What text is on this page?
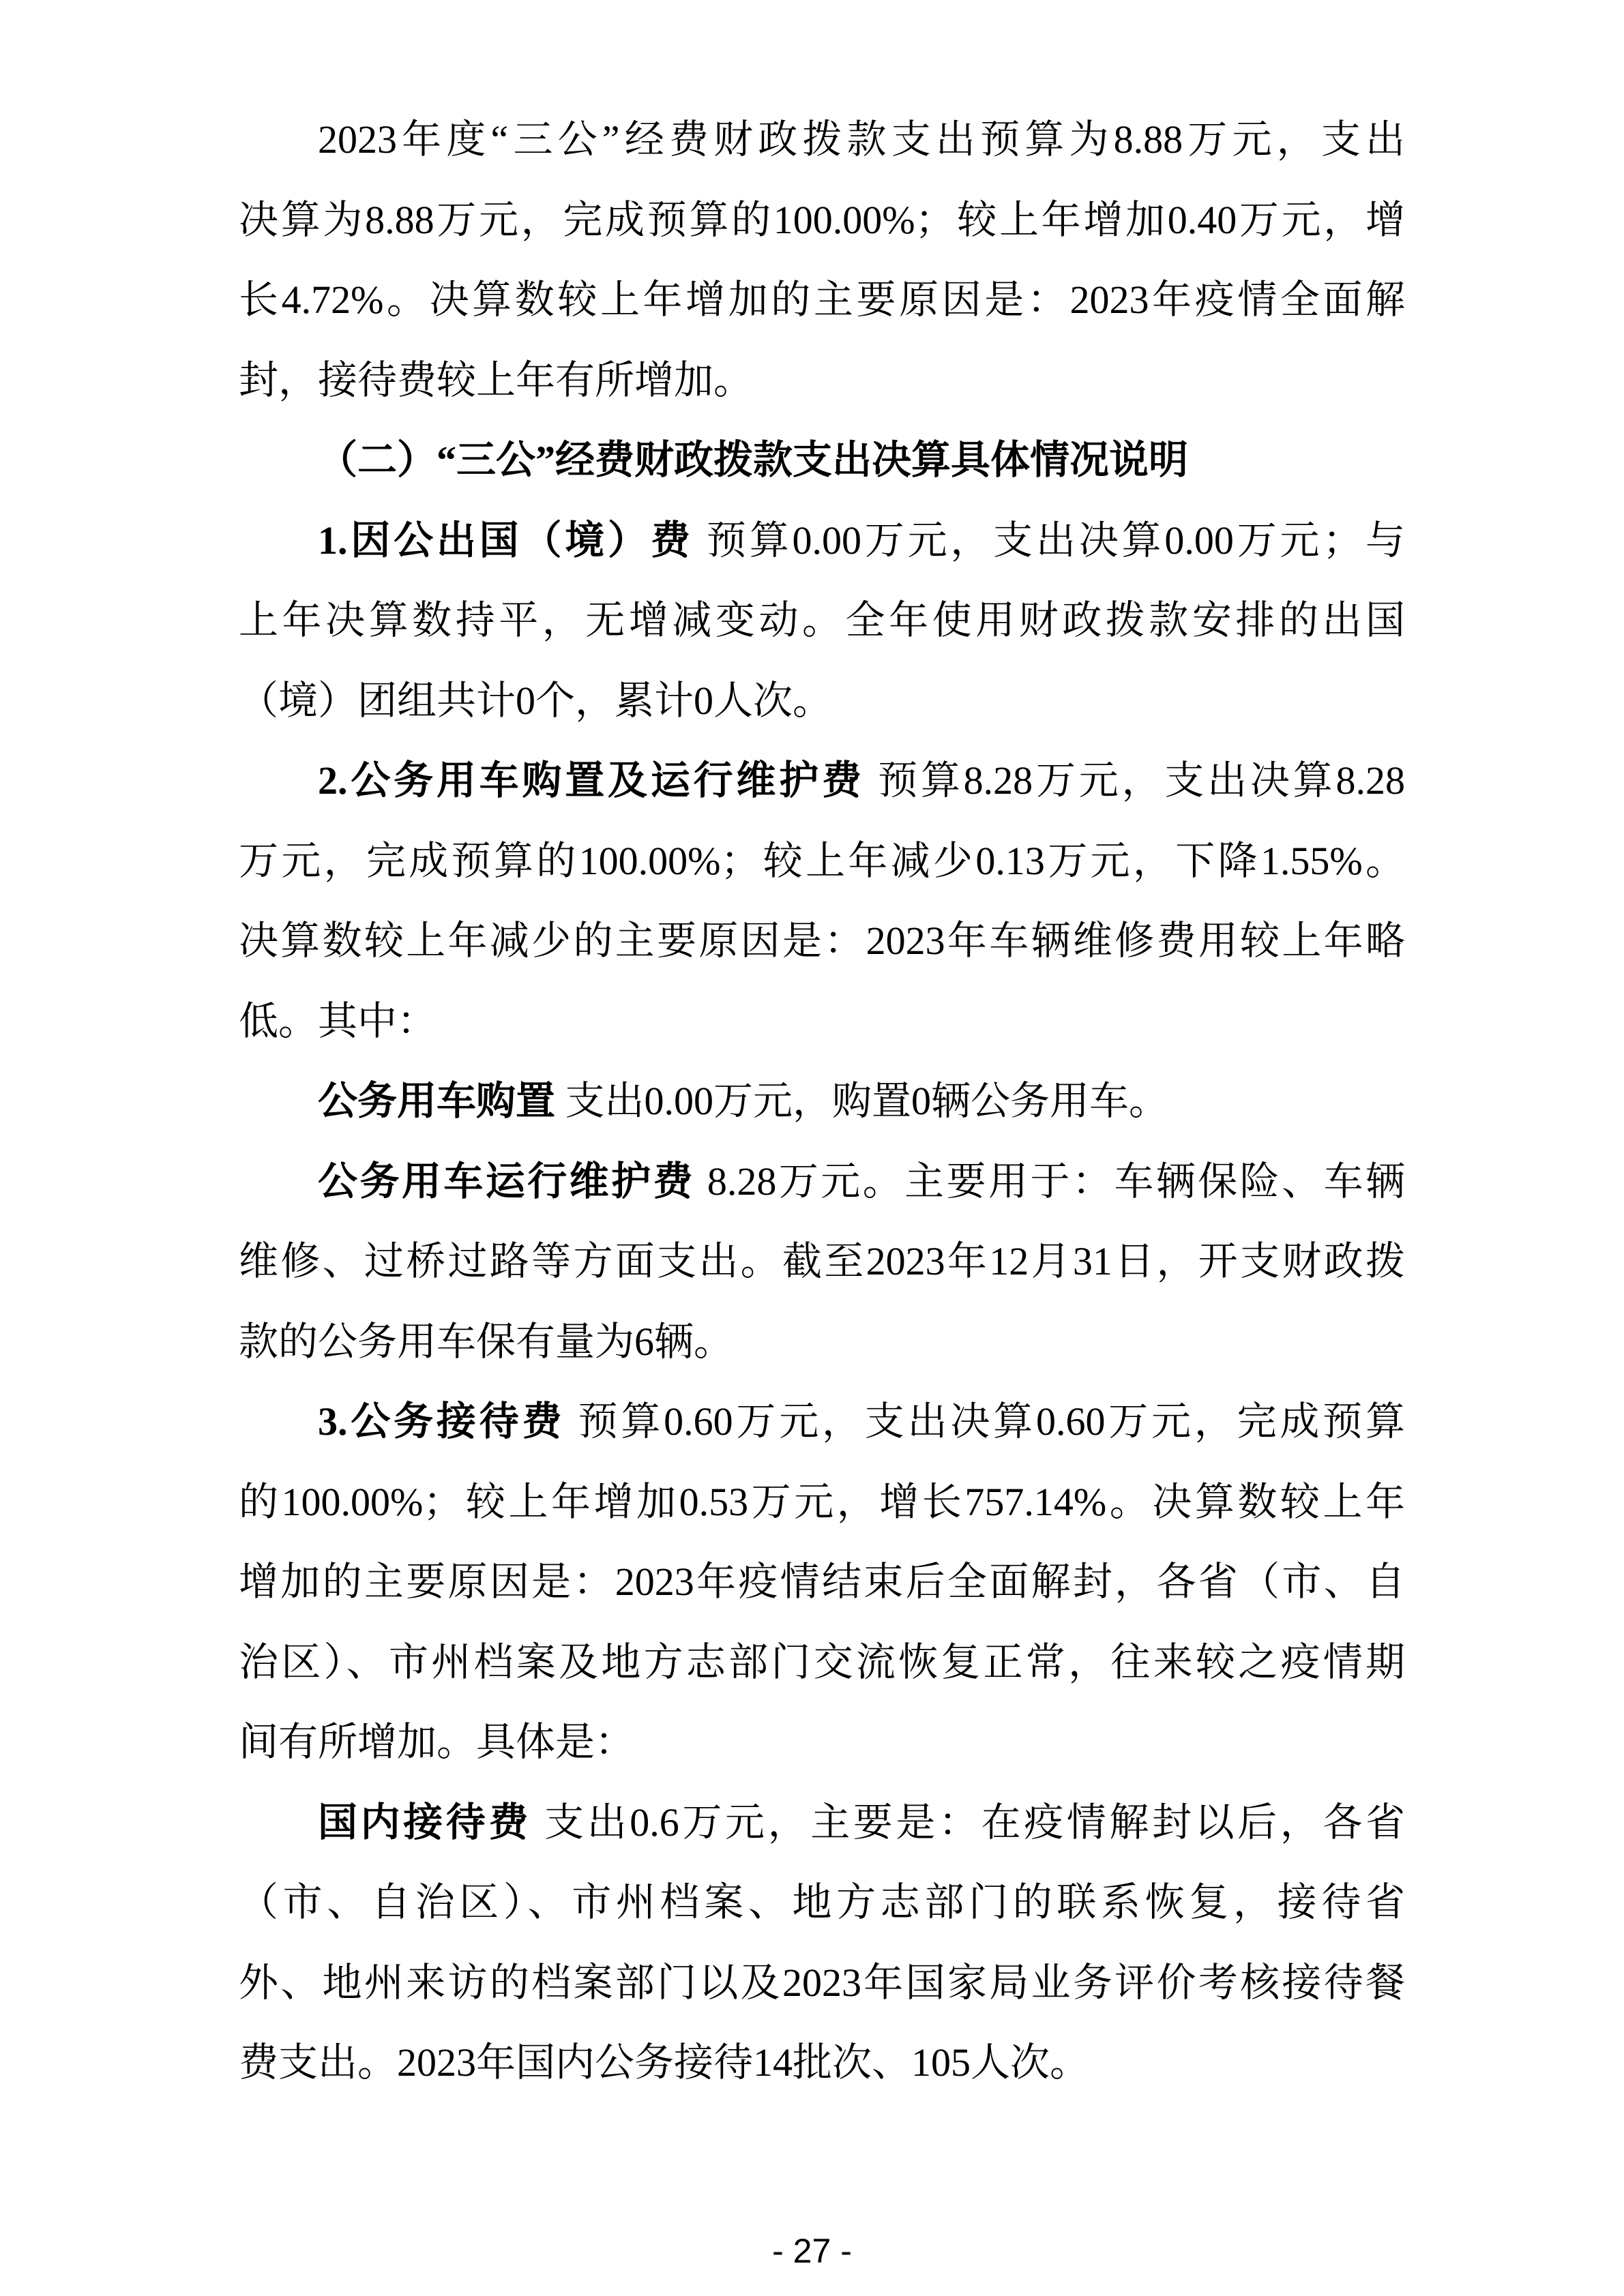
2023年度“三公”经费财政拨款支出预算为8.88万元，支出
决算为8.88万元，完成预算的100.00%；较上年增加0.40万元，增
长4.72%。决算数较上年增加的主要原因是：2023年疫情全面解
封，接待费较上年有所增加。
（二）“三公”经费财政拨款支出决算具体情况说明
1.因公出国（境）费 预算0.00万元，支出决算0.00万元；与
上年决算数持平，无增减变动。全年使用财政拨款安排的出国
（境）团组共计0个，累计0人次。
2.公务用车购置及运行维护费 预算8.28万元，支出决算8.28
万元，完成预算的100.00%；较上年减少0.13万元，下降1.55%。
决算数较上年减少的主要原因是：2023年车辆维修费用较上年略
低。其中：
公务用车购置 支出0.00万元，购置0辆公务用车。
公务用车运行维护费 8.28万元。主要用于：车辆保险、车辆
维修、过桥过路等方面支出。截至2023年12月31日，开支财政拨
款的公务用车保有量为6辆。
3.公务接待费 预算0.60万元，支出决算0.60万元，完成预算
的100.00%；较上年增加0.53万元，增长757.14%。决算数较上年
增加的主要原因是：2023年疫情结束后全面解封，各省（市、自
治区）、市州档案及地方志部门交流恢复正常，往来较之疫情期
间有所增加。具体是：
国内接待费 支出0.6万元，主要是：在疫情解封以后，各省
（市、自治区）、市州档案、地方志部门的联系恢复，接待省
外、地州来访的档案部门以及2023年国家局业务评价考核接待餐
费支出。2023年国内公务接待14批次、105人次。
- 27 -
